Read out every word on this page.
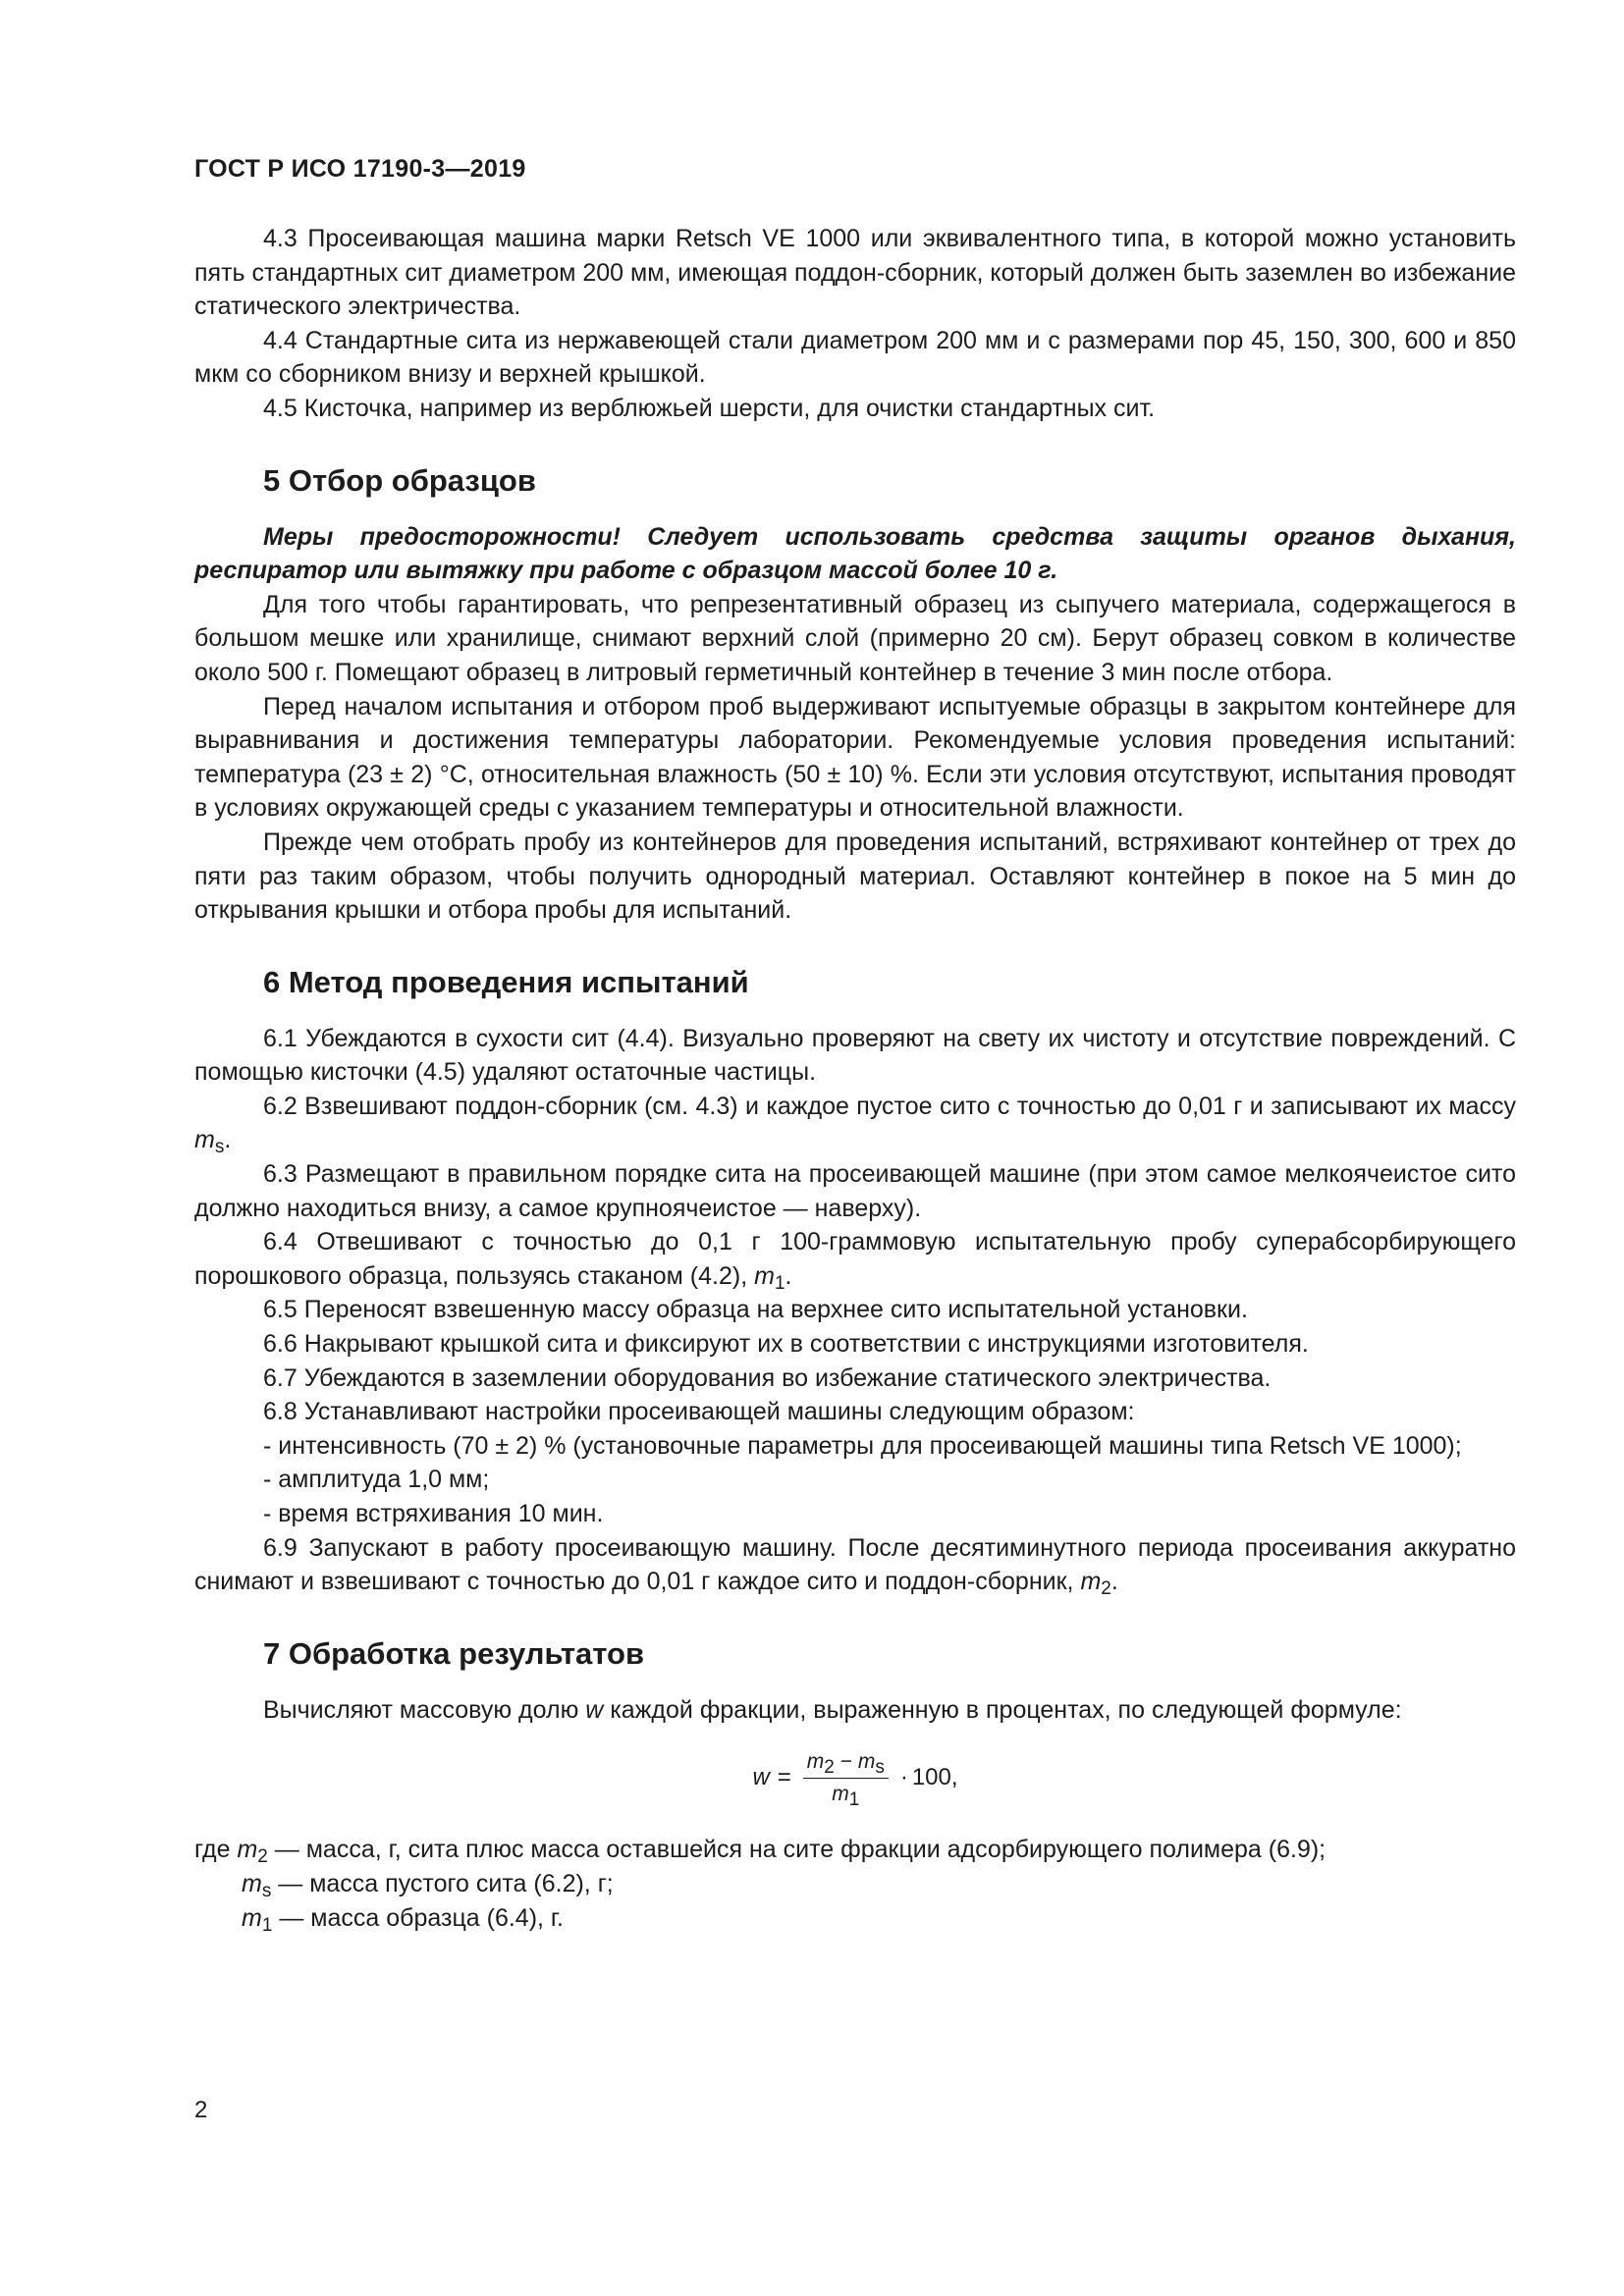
ГОСТ Р ИСО 17190-3—2019

4.3 Просеивающая машина марки Retsch VE 1000 или эквивалентного типа, в которой можно установить пять стандартных сит диаметром 200 мм, имеющая поддон-сборник, который должен быть заземлен во избежание статического электричества.

4.4 Стандартные сита из нержавеющей стали диаметром 200 мм и с размерами пор 45, 150, 300, 600 и 850 мкм со сборником внизу и верхней крышкой.

4.5 Кисточка, например из верблюжьей шерсти, для очистки стандартных сит.

5 Отбор образцов

Меры предосторожности! Следует использовать средства защиты органов дыхания, респиратор или вытяжку при работе с образцом массой более 10 г.

Для того чтобы гарантировать, что репрезентативный образец из сыпучего материала, содержащегося в большом мешке или хранилище, снимают верхний слой (примерно 20 см). Берут образец совком в количестве около 500 г. Помещают образец в литровый герметичный контейнер в течение 3 мин после отбора.

Перед началом испытания и отбором проб выдерживают испытуемые образцы в закрытом контейнере для выравнивания и достижения температуры лаборатории. Рекомендуемые условия проведения испытаний: температура (23 ± 2) °С, относительная влажность (50 ± 10) %. Если эти условия отсутствуют, испытания проводят в условиях окружающей среды с указанием температуры и относительной влажности.

Прежде чем отобрать пробу из контейнеров для проведения испытаний, встряхивают контейнер от трех до пяти раз таким образом, чтобы получить однородный материал. Оставляют контейнер в покое на 5 мин до открывания крышки и отбора пробы для испытаний.

6 Метод проведения испытаний

6.1 Убеждаются в сухости сит (4.4). Визуально проверяют на свету их чистоту и отсутствие повреждений. С помощью кисточки (4.5) удаляют остаточные частицы.

6.2 Взвешивают поддон-сборник (см. 4.3) и каждое пустое сито с точностью до 0,01 г и записывают их массу $m_s$.

6.3 Размещают в правильном порядке сита на просеивающей машине (при этом самое мелкоячеистое сито должно находиться внизу, а самое крупноячеистое — наверху).

6.4 Отвешивают с точностью до 0,1 г 100-граммовую испытательную пробу суперабсорбирующего порошкового образца, пользуясь стаканом (4.2), $m_1$.

6.5 Переносят взвешенную массу образца на верхнее сито испытательной установки.

6.6 Накрывают крышкой сита и фиксируют их в соответствии с инструкциями изготовителя.

6.7 Убеждаются в заземлении оборудования во избежание статического электричества.

6.8 Устанавливают настройки просеивающей машины следующим образом:

- интенсивность (70 ± 2) % (установочные параметры для просеивающей машины типа Retsch VE 1000);

- амплитуда 1,0 мм;

- время встряхивания 10 мин.

6.9 Запускают в работу просеивающую машину. После десятиминутного периода просеивания аккуратно снимают и взвешивают с точностью до 0,01 г каждое сито и поддон-сборник, $m_2$.

7 Обработка результатов

Вычисляют массовую долю w каждой фракции, выраженную в процентах, по следующей формуле:

$w = \frac{m_2 - m_s}{m_1} \cdot 100$,

где $m_2$ — масса, г, сита плюс масса оставшейся на сите фракции адсорбирующего полимера (6.9);

$m_s$ — масса пустого сита (6.2), г;

$m_1$ — масса образца (6.4), г.

2
